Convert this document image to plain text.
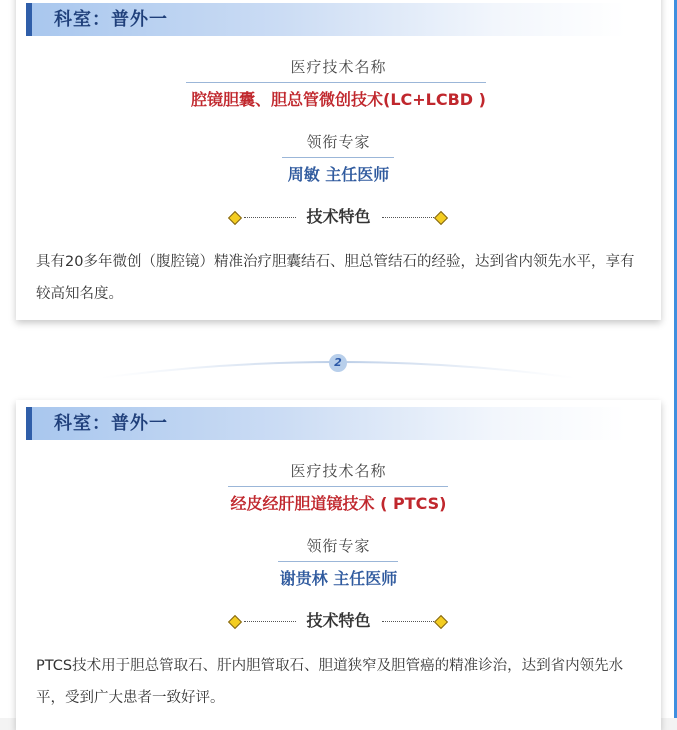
科室：普外一
医疗技术名称
腔镜胆囊、胆总管微创技术(LC+LCBD )
领衔专家
周敏 主任医师
技术特色
具有20多年微创（腹腔镜）精准治疗胆囊结石、胆总管结石的经验，达到省内领先水平，享有较高知名度。
2
科室：普外一
医疗技术名称
经皮经肝胆道镜技术 ( PTCS)
领衔专家
谢贵林 主任医师
技术特色
PTCS技术用于胆总管取石、肝内胆管取石、胆道狭窄及胆管癌的精准诊治，达到省内领先水平，受到广大患者一致好评。
